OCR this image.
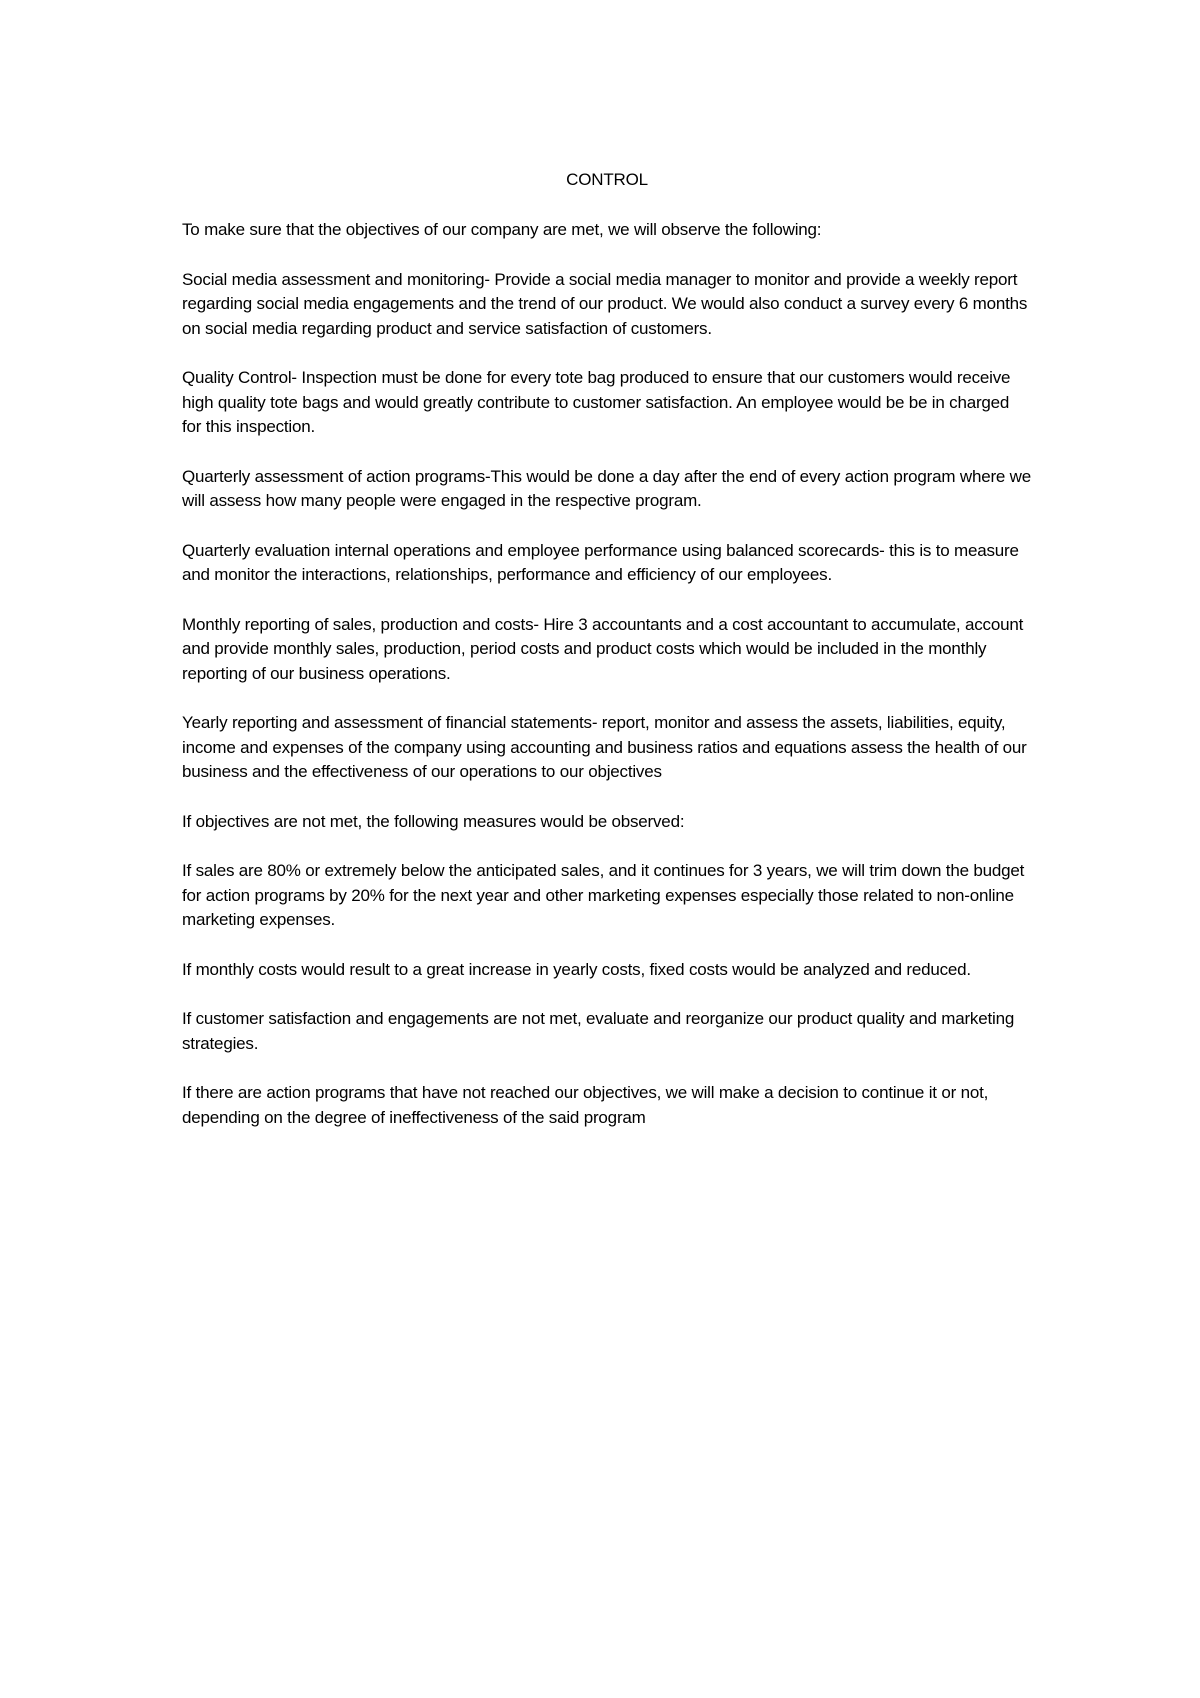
CONTROL

To make sure that the objectives of our company are met, we will observe the following:

Social media assessment and monitoring- Provide a social media manager to monitor and provide a weekly report regarding social media engagements and the trend of our product. We would also conduct a survey every 6 months on social media regarding product and service satisfaction of customers.

Quality Control- Inspection must be done for every tote bag produced to ensure that our customers would receive high quality tote bags and would greatly contribute to customer satisfaction. An employee would be be in charged for this inspection.

Quarterly assessment of action programs-This would be done a day after the end of every action program where we will assess how many people were engaged in the respective program.

Quarterly evaluation internal operations and employee performance using balanced scorecards- this is to measure and monitor the interactions, relationships, performance and efficiency of our employees.

Monthly reporting of sales, production and costs- Hire 3 accountants and a cost accountant to accumulate, account and provide monthly sales, production, period costs and product costs which would be included in the monthly reporting of our business operations.

Yearly reporting and assessment of financial statements- report, monitor and assess the assets, liabilities, equity, income and expenses of the company using accounting and business ratios and equations assess the health of our business and the effectiveness of our operations to our objectives

If objectives are not met, the following measures would be observed:

If sales are 80% or extremely below the anticipated sales, and it continues for 3 years, we will trim down the budget for action programs by 20% for the next year and other marketing expenses especially those related to non-online marketing expenses.

If monthly costs would result to a great increase in yearly costs, fixed costs would be analyzed and reduced.

If customer satisfaction and engagements are not met, evaluate and reorganize our product quality and marketing strategies.

If there are action programs that have not reached our objectives, we will make a decision to continue it or not, depending on the degree of ineffectiveness of the said program
